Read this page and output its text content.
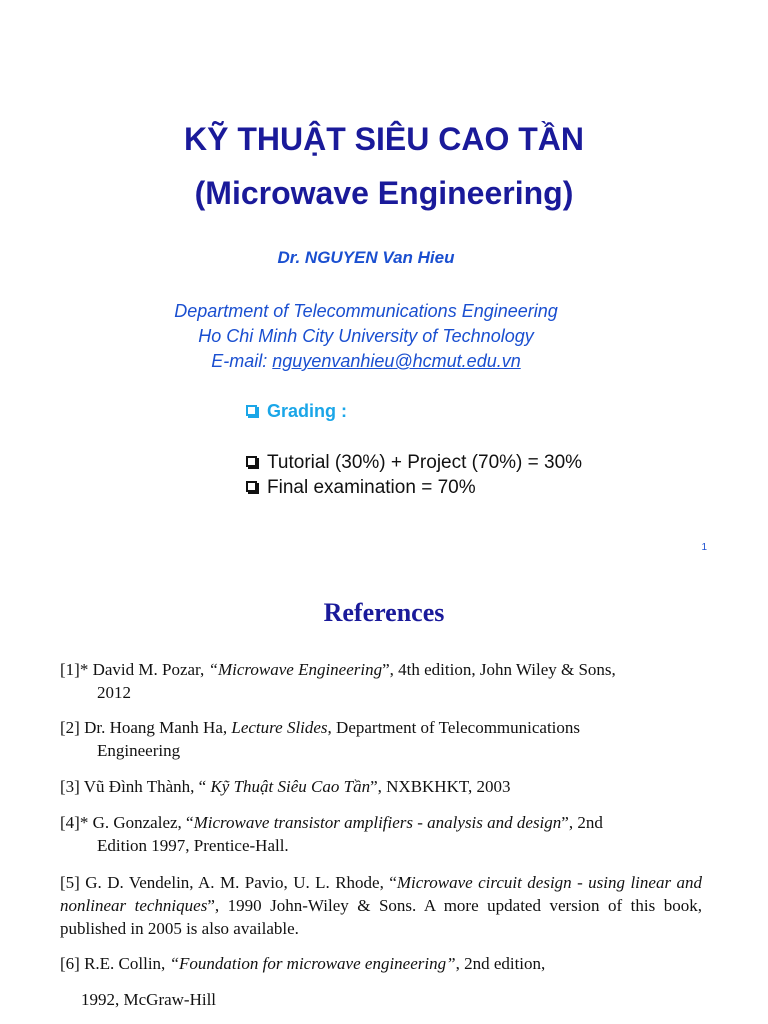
KỸ THUẬT SIÊU CAO TẦN
(Microwave Engineering)
Dr. NGUYEN Van Hieu
Department of Telecommunications Engineering
Ho Chi Minh City University of Technology
E-mail: nguyenvanhieu@hcmut.edu.vn
Grading :
Tutorial (30%) + Project (70%) = 30%
Final examination = 70%
1
References
[1]* David M. Pozar, “Microwave Engineering”, 4th edition, John Wiley & Sons,
2012
[2] Dr. Hoang Manh Ha, Lecture Slides, Department of Telecommunications
Engineering
[3] Vũ Đình Thành, “ Kỹ Thuật Siêu Cao Tần”, NXBKHKT, 2003
[4]* G. Gonzalez, “Microwave transistor amplifiers - analysis and design”, 2nd
Edition 1997, Prentice-Hall.
[5] G. D. Vendelin, A. M. Pavio, U. L. Rhode, “Microwave circuit design - using linear and nonlinear techniques”, 1990 John-Wiley & Sons. A more updated version of this book, published in 2005 is also available.
[6] R.E. Collin, “Foundation for microwave engineering”, 2nd edition,
1992, McGraw-Hill
